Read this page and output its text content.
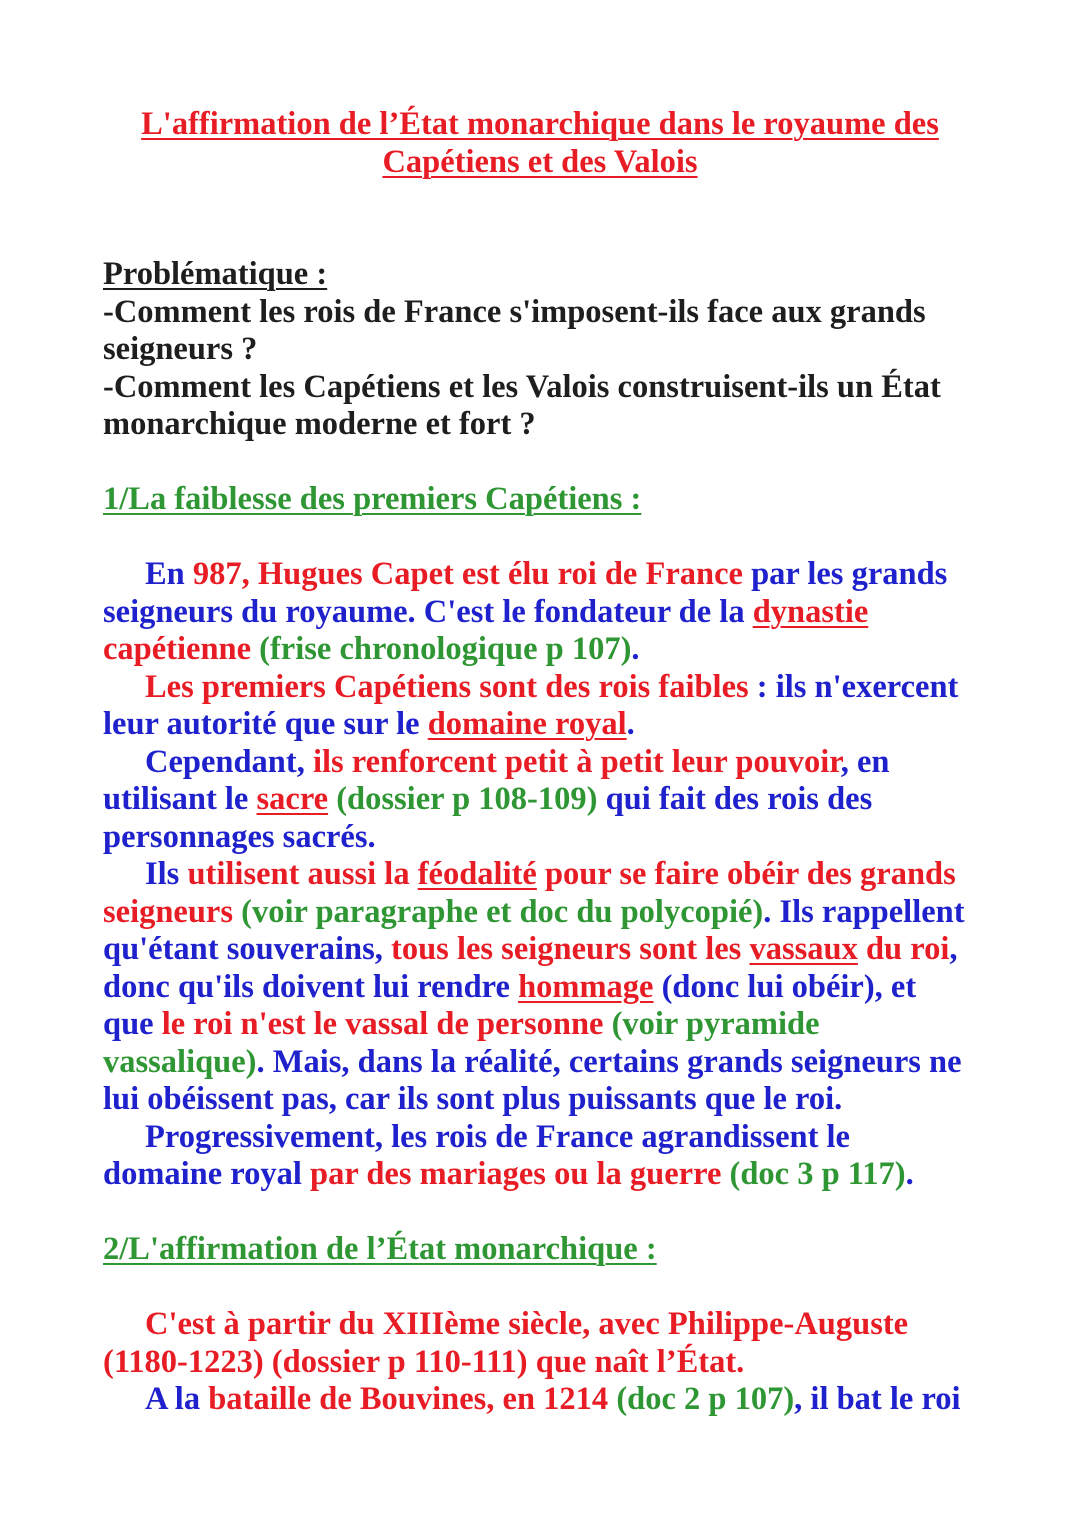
L'affirmation de l’État monarchique dans le royaume des
Capétiens et des Valois
Problématique :
-Comment les rois de France s'imposent-ils face aux grands
seigneurs ?
-Comment les Capétiens et les Valois construisent-ils un État
monarchique moderne et fort ?
1/La faiblesse des premiers Capétiens :
En 987, Hugues Capet est élu roi de France par les grands
seigneurs du royaume. C'est le fondateur de la dynastie
capétienne (frise chronologique p 107).
Les premiers Capétiens sont des rois faibles : ils n'exercent
leur autorité que sur le domaine royal.
Cependant, ils renforcent petit à petit leur pouvoir, en
utilisant le sacre (dossier p 108-109) qui fait des rois des
personnages sacrés.
Ils utilisent aussi la féodalité pour se faire obéir des grands
seigneurs (voir paragraphe et doc du polycopié). Ils rappellent
qu'étant souverains, tous les seigneurs sont les vassaux du roi,
donc qu'ils doivent lui rendre hommage (donc lui obéir), et
que le roi n'est le vassal de personne (voir pyramide
vassalique). Mais, dans la réalité, certains grands seigneurs ne
lui obéissent pas, car ils sont plus puissants que le roi.
Progressivement, les rois de France agrandissent le
domaine royal par des mariages ou la guerre (doc 3 p 117).
2/L'affirmation de l’État monarchique :
C'est à partir du XIIIème siècle, avec Philippe-Auguste
(1180-1223) (dossier p 110-111) que naît l’État.
A la bataille de Bouvines, en 1214 (doc 2 p 107), il bat le roi
